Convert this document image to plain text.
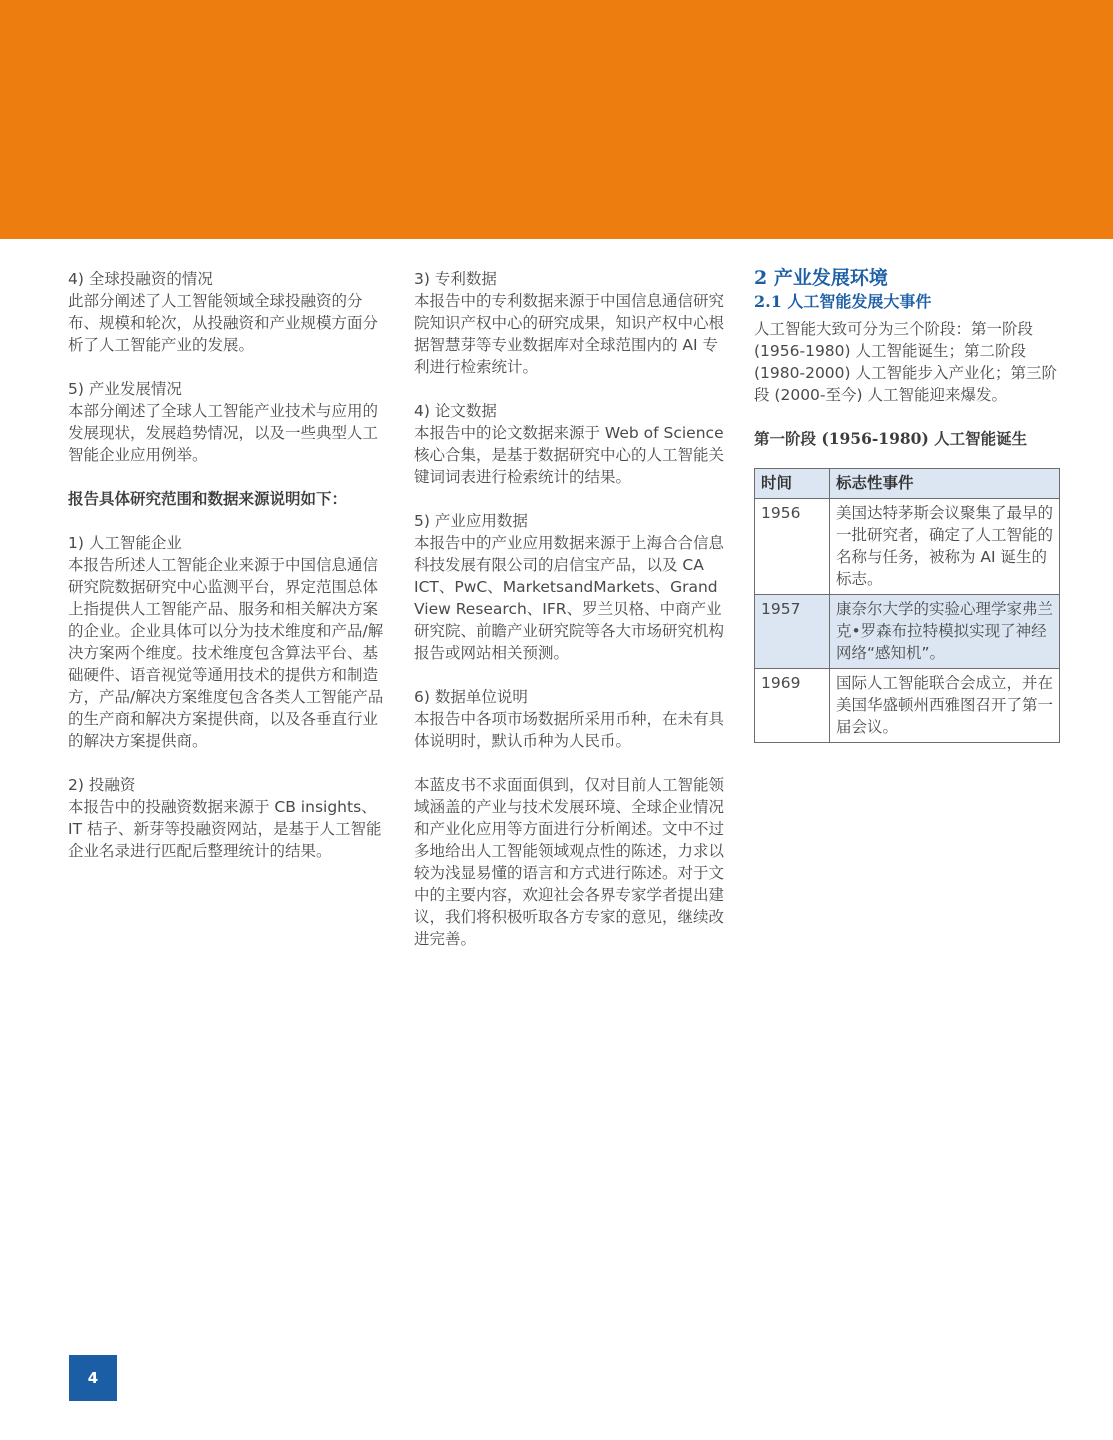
4) 全球投融资的情况
此部分阐述了人工智能领域全球投融资的分布、规模和轮次，从投融资和产业规模方面分析了人工智能产业的发展。
5) 产业发展情况
本部分阐述了全球人工智能产业技术与应用的发展现状，发展趋势情况，以及一些典型人工智能企业应用例举。
报告具体研究范围和数据来源说明如下：
1) 人工智能企业
本报告所述人工智能企业来源于中国信息通信研究院数据研究中心监测平台，界定范围总体上指提供人工智能产品、服务和相关解决方案的企业。企业具体可以分为技术维度和产品/解决方案两个维度。技术维度包含算法平台、基础硬件、语音视觉等通用技术的提供方和制造方，产品/解决方案维度包含各类人工智能产品的生产商和解决方案提供商，以及各垂直行业的解决方案提供商。
2) 投融资
本报告中的投融资数据来源于 CB insights、IT 桔子、新芽等投融资网站，是基于人工智能企业名录进行匹配后整理统计的结果。
3) 专利数据
本报告中的专利数据来源于中国信息通信研究院知识产权中心的研究成果，知识产权中心根据智慧芽等专业数据库对全球范围内的 AI 专利进行检索统计。
4) 论文数据
本报告中的论文数据来源于 Web of Science 核心合集，是基于数据研究中心的人工智能关键词词表进行检索统计的结果。
5) 产业应用数据
本报告中的产业应用数据来源于上海合合信息科技发展有限公司的启信宝产品，以及 CA ICT、PwC、MarketsandMarkets、Grand View Research、IFR、罗兰贝格、中商产业研究院、前瞻产业研究院等各大市场研究机构报告或网站相关预测。
6) 数据单位说明
本报告中各项市场数据所采用币种，在未有具体说明时，默认币种为人民币。
本蓝皮书不求面面俱到，仅对目前人工智能领域涵盖的产业与技术发展环境、全球企业情况和产业化应用等方面进行分析阐述。文中不过多地给出人工智能领域观点性的陈述，力求以较为浅显易懂的语言和方式进行陈述。对于文中的主要内容，欢迎社会各界专家学者提出建议，我们将积极听取各方专家的意见，继续改进完善。
2 产业发展环境
2.1 人工智能发展大事件
人工智能大致可分为三个阶段：第一阶段 (1956-1980) 人工智能诞生；第二阶段 (1980-2000) 人工智能步入产业化；第三阶段 (2000-至今) 人工智能迎来爆发。
第一阶段 (1956-1980) 人工智能诞生
时间	标志性事件
1956	美国达特茅斯会议聚集了最早的一批研究者，确定了人工智能的名称与任务，被称为 AI 诞生的标志。
1957	康奈尔大学的实验心理学家弗兰克•罗森布拉特模拟实现了神经网络“感知机”。
1969	国际人工智能联合会成立，并在美国华盛顿州西雅图召开了第一届会议。
4
